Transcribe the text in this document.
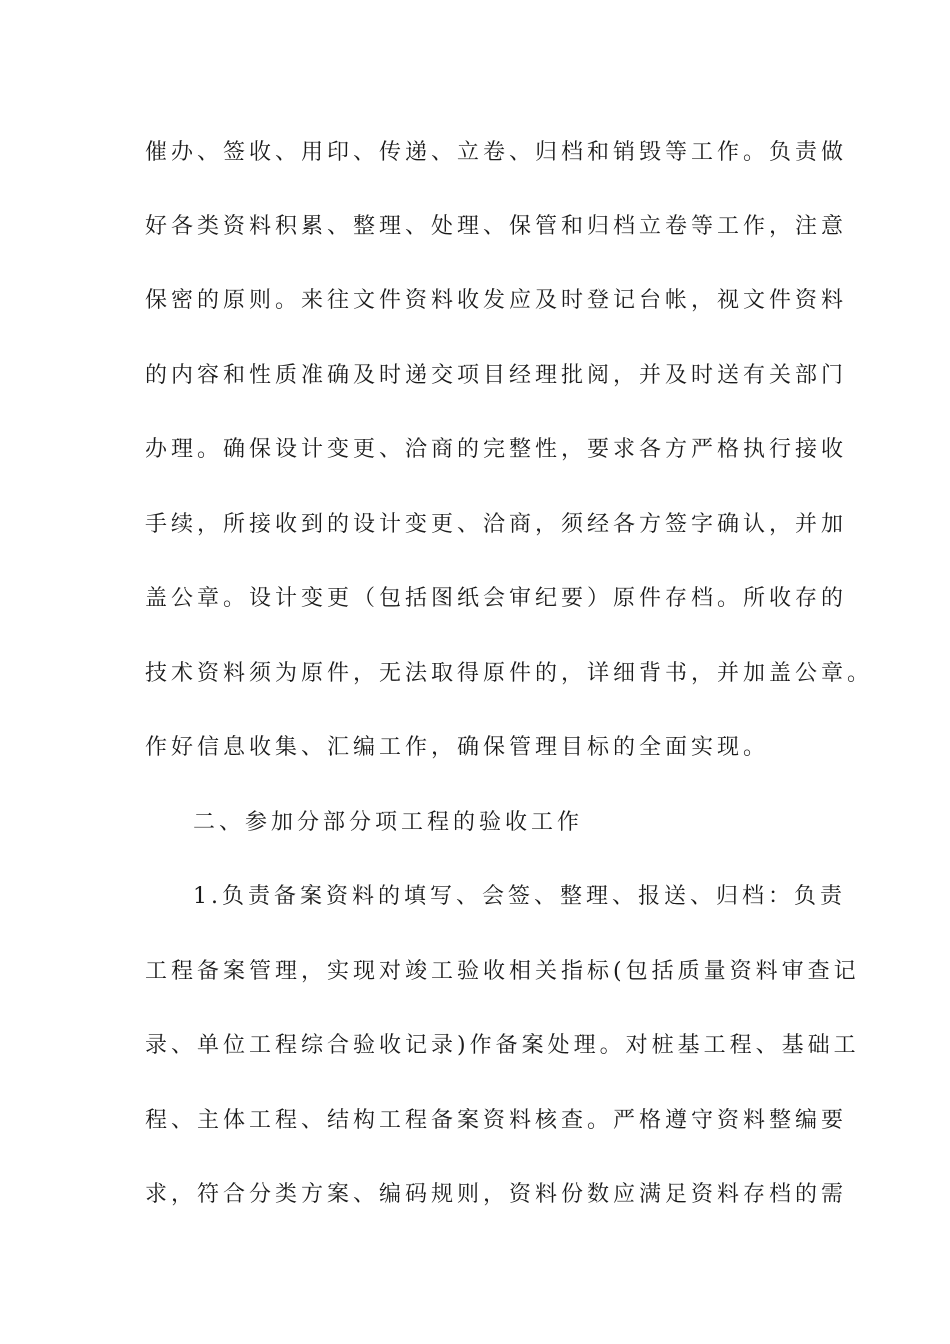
催办、签收、用印、传递、立卷、归档和销毁等工作。负责做
好各类资料积累、整理、处理、保管和归档立卷等工作，注意
保密的原则。来往文件资料收发应及时登记台帐，视文件资料
的内容和性质准确及时递交项目经理批阅，并及时送有关部门
办理。确保设计变更、洽商的完整性，要求各方严格执行接收
手续，所接收到的设计变更、洽商，须经各方签字确认，并加
盖公章。设计变更（包括图纸会审纪要）原件存档。所收存的
技术资料须为原件，无法取得原件的，详细背书，并加盖公章。
作好信息收集、汇编工作，确保管理目标的全面实现。
二、参加分部分项工程的验收工作
1.负责备案资料的填写、会签、整理、报送、归档：负责
工程备案管理，实现对竣工验收相关指标(包括质量资料审查记
录、单位工程综合验收记录)作备案处理。对桩基工程、基础工
程、主体工程、结构工程备案资料核查。严格遵守资料整编要
求，符合分类方案、编码规则，资料份数应满足资料存档的需
